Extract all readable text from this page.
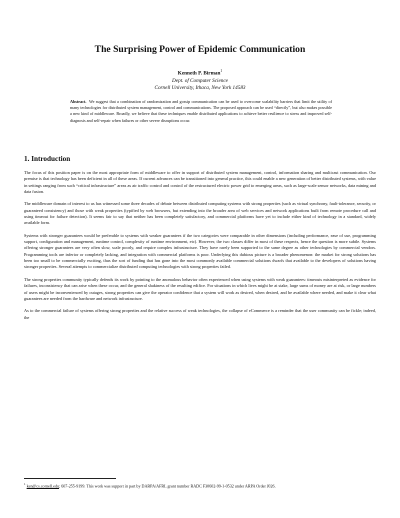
The Surprising Power of Epidemic Communication
Kenneth P. Birman$^1$
Dept. of Computer Science
Cornell University, Ithaca, New York 14583
Abstract. We suggest that a combination of randomization and gossip communication can be used to overcome scalability barriers that limit the utility of many technologies for distributed system management, control and communications. The proposed approach can be used “directly”, but also makes possible a new kind of middleware. Broadly, we believe that these techniques enable distributed applications to achieve better resilience to stress and improved self-diagnosis and self-repair when failures or other severe disruptions occur.
1. Introduction

The focus of this position paper is on the most appropriate form of middleware to offer in support of distributed system management, control, information sharing and multicast communication. Our premise is that technology has been deficient in all of these areas. If current advances can be transitioned into general practice, this could enable a new generation of better distributed systems, with value in settings ranging from such “critical infrastructure” areas as air traffic control and control of the restructured electric power grid to emerging areas, such as large-scale sensor networks, data mining and data fusion.

The middleware domain of interest to us has witnessed some three decades of debate between distributed computing systems with strong properties (such as virtual synchrony, fault-tolerance, security, or guaranteed consistency) and those with weak properties (typified by web browsers, but extending into the broader area of web services and network applications built from remote procedure call and using timeout for failure detection). It seems fair to say that neither has been completely satisfactory, and commercial platforms have yet to include either kind of technology in a standard, widely available form.

Systems with stronger guarantees would be preferable to systems with weaker guarantees if the two categories were comparable in other dimensions (including performance, ease of use, programming support, configuration and management, runtime control, complexity of runtime environment, etc). However, the two classes differ in most of these respects, hence the question is more subtle. Systems offering stronger guarantees are very often slow, scale poorly, and require complex infrastructure. They have rarely been supported to the same degree as other technologies by commercial vendors. Programming tools are inferior or completely lacking, and integration with commercial platforms is poor. Underlying this dubious picture is a broader phenomenon: the market for strong solutions has been too small to be commercially exciting, thus the sort of funding that has gone into the most commonly available commercial solutions dwarfs that available to the developers of solutions having stronger properties. Several attempts to commercialize distributed computing technologies with strong properties failed.

The strong properties community typically defends its work by pointing to the anomalous behavior often experienced when using systems with weak guarantees: timeouts misinterpreted as evidence for failures, inconsistency that can arise when these occur, and the general shakiness of the resulting edifice. For situations in which lives might be at stake, large sums of money are at risk, or large numbers of users might be inconvenienced by outages, strong properties can give the operator confidence that a system will work as desired, when desired, and be available where needed, and make it clear what guarantees are needed from the hardware and network infrastructure.

As to the commercial failure of systems offering strong properties and the relative success of weak technologies, the collapse of eCommerce is a reminder that the user community can be fickle; indeed, the

$^1$ ken@cs.cornell.edu; 607-255-9199. This work was support in part by DARPA/AFRL grant number RADC F30602-99-1-0532 under ARPA Order J026.
